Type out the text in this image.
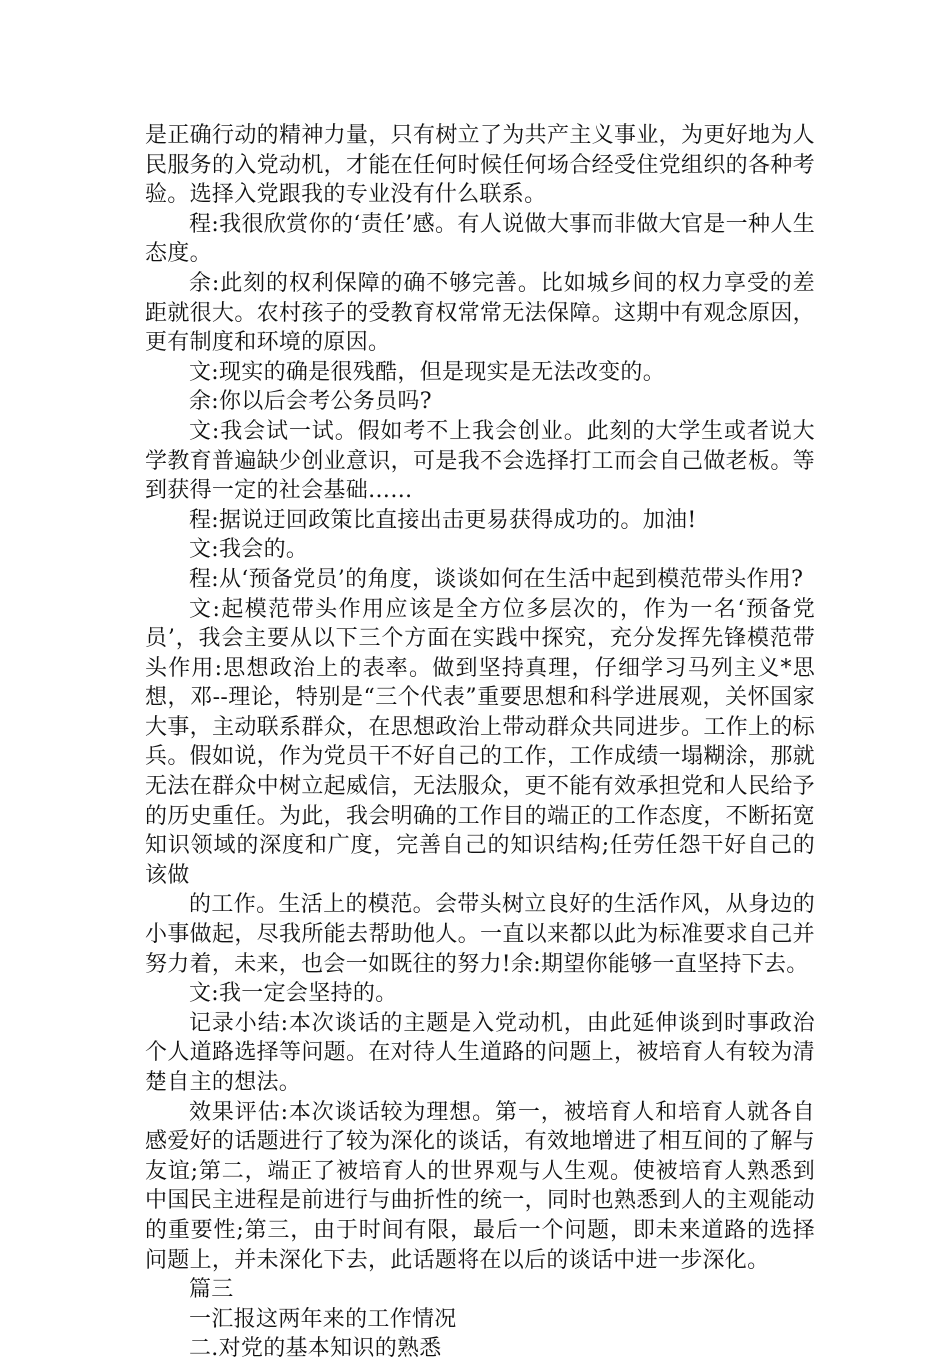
是正确行动的精神力量，只有树立了为共产主义事业，为更好地为人民服务的入党动机，才能在任何时候任何场合经受住党组织的各种考验。选择入党跟我的专业没有什么联系。

程:我很欣赏你的‘责任’感。有人说做大事而非做大官是一种人生态度。

余:此刻的权利保障的确不够完善。比如城乡间的权力享受的差距就很大。农村孩子的受教育权常常无法保障。这期中有观念原因，更有制度和环境的原因。

文:现实的确是很残酷，但是现实是无法改变的。

余:你以后会考公务员吗?

文:我会试一试。假如考不上我会创业。此刻的大学生或者说大学教育普遍缺少创业意识，可是我不会选择打工而会自己做老板。等到获得一定的社会基础……

程:据说迂回政策比直接出击更易获得成功的。加油!

文:我会的。

程:从‘预备党员’的角度，谈谈如何在生活中起到模范带头作用?

文:起模范带头作用应该是全方位多层次的，作为一名‘预备党员’，我会主要从以下三个方面在实践中探究，充分发挥先锋模范带头作用:思想政治上的表率。做到坚持真理，仔细学习马列主义*思想，邓--理论，特别是“三个代表”重要思想和科学进展观，关怀国家大事，主动联系群众，在思想政治上带动群众共同进步。工作上的标兵。假如说，作为党员干不好自己的工作，工作成绩一塌糊涂，那就无法在群众中树立起威信，无法服众，更不能有效承担党和人民给予的历史重任。为此，我会明确的工作目的端正的工作态度，不断拓宽知识领域的深度和广度，完善自己的知识结构;任劳任怨干好自己的该做

的工作。生活上的模范。会带头树立良好的生活作风，从身边的小事做起，尽我所能去帮助他人。一直以来都以此为标准要求自己并努力着，未来，也会一如既往的努力!余:期望你能够一直坚持下去。

文:我一定会坚持的。

记录小结:本次谈话的主题是入党动机，由此延伸谈到时事政治个人道路选择等问题。在对待人生道路的问题上，被培育人有较为清楚自主的想法。

效果评估:本次谈话较为理想。第一，被培育人和培育人就各自感爱好的话题进行了较为深化的谈话，有效地增进了相互间的了解与友谊;第二，端正了被培育人的世界观与人生观。使被培育人熟悉到中国民主进程是前进行与曲折性的统一，同时也熟悉到人的主观能动的重要性;第三，由于时间有限，最后一个问题，即未来道路的选择问题上，并未深化下去，此话题将在以后的谈话中进一步深化。

篇三

一汇报这两年来的工作情况

二.对党的基本知识的熟悉
